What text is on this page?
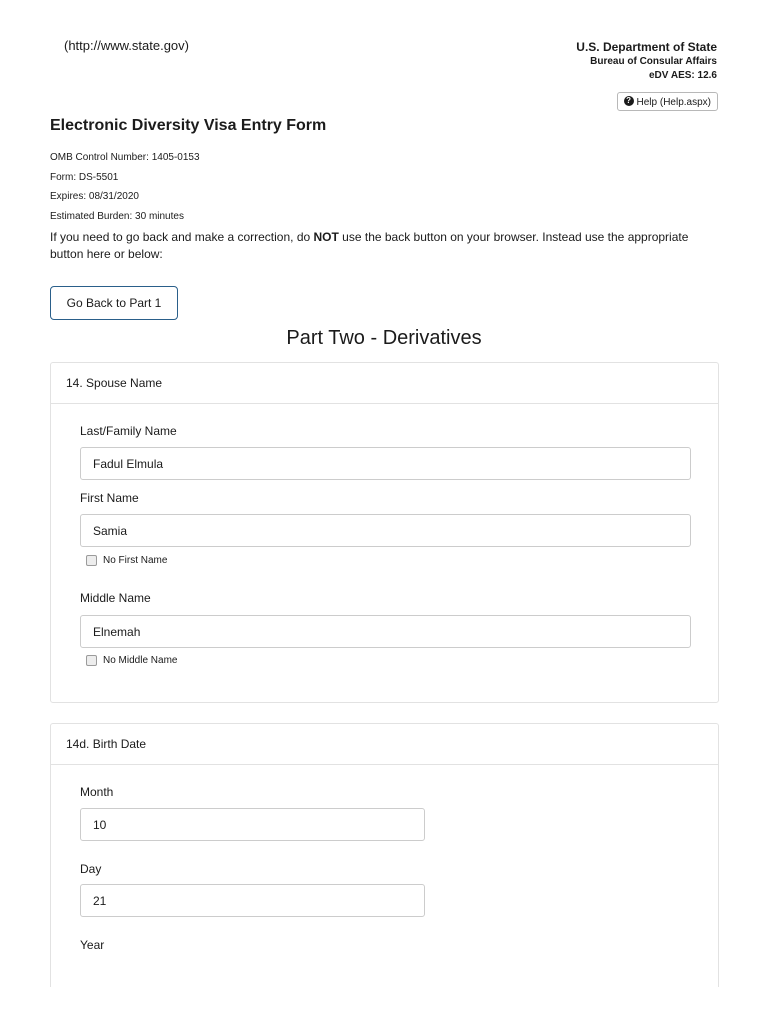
(http://www.state.gov)	U.S. Department of State
Bureau of Consular Affairs
eDV AES: 12.6
? Help (Help.aspx)
Electronic Diversity Visa Entry Form
OMB Control Number: 1405-0153
Form: DS-5501
Expires: 08/31/2020
Estimated Burden: 30 minutes
If you need to go back and make a correction, do NOT use the back button on your browser. Instead use the appropriate button here or below:
Go Back to Part 1
Part Two - Derivatives
14. Spouse Name
Last/Family Name
Fadul Elmula
First Name
Samia
No First Name
Middle Name
Elnemah
No Middle Name
14d. Birth Date
Month
10
Day
21
Year
